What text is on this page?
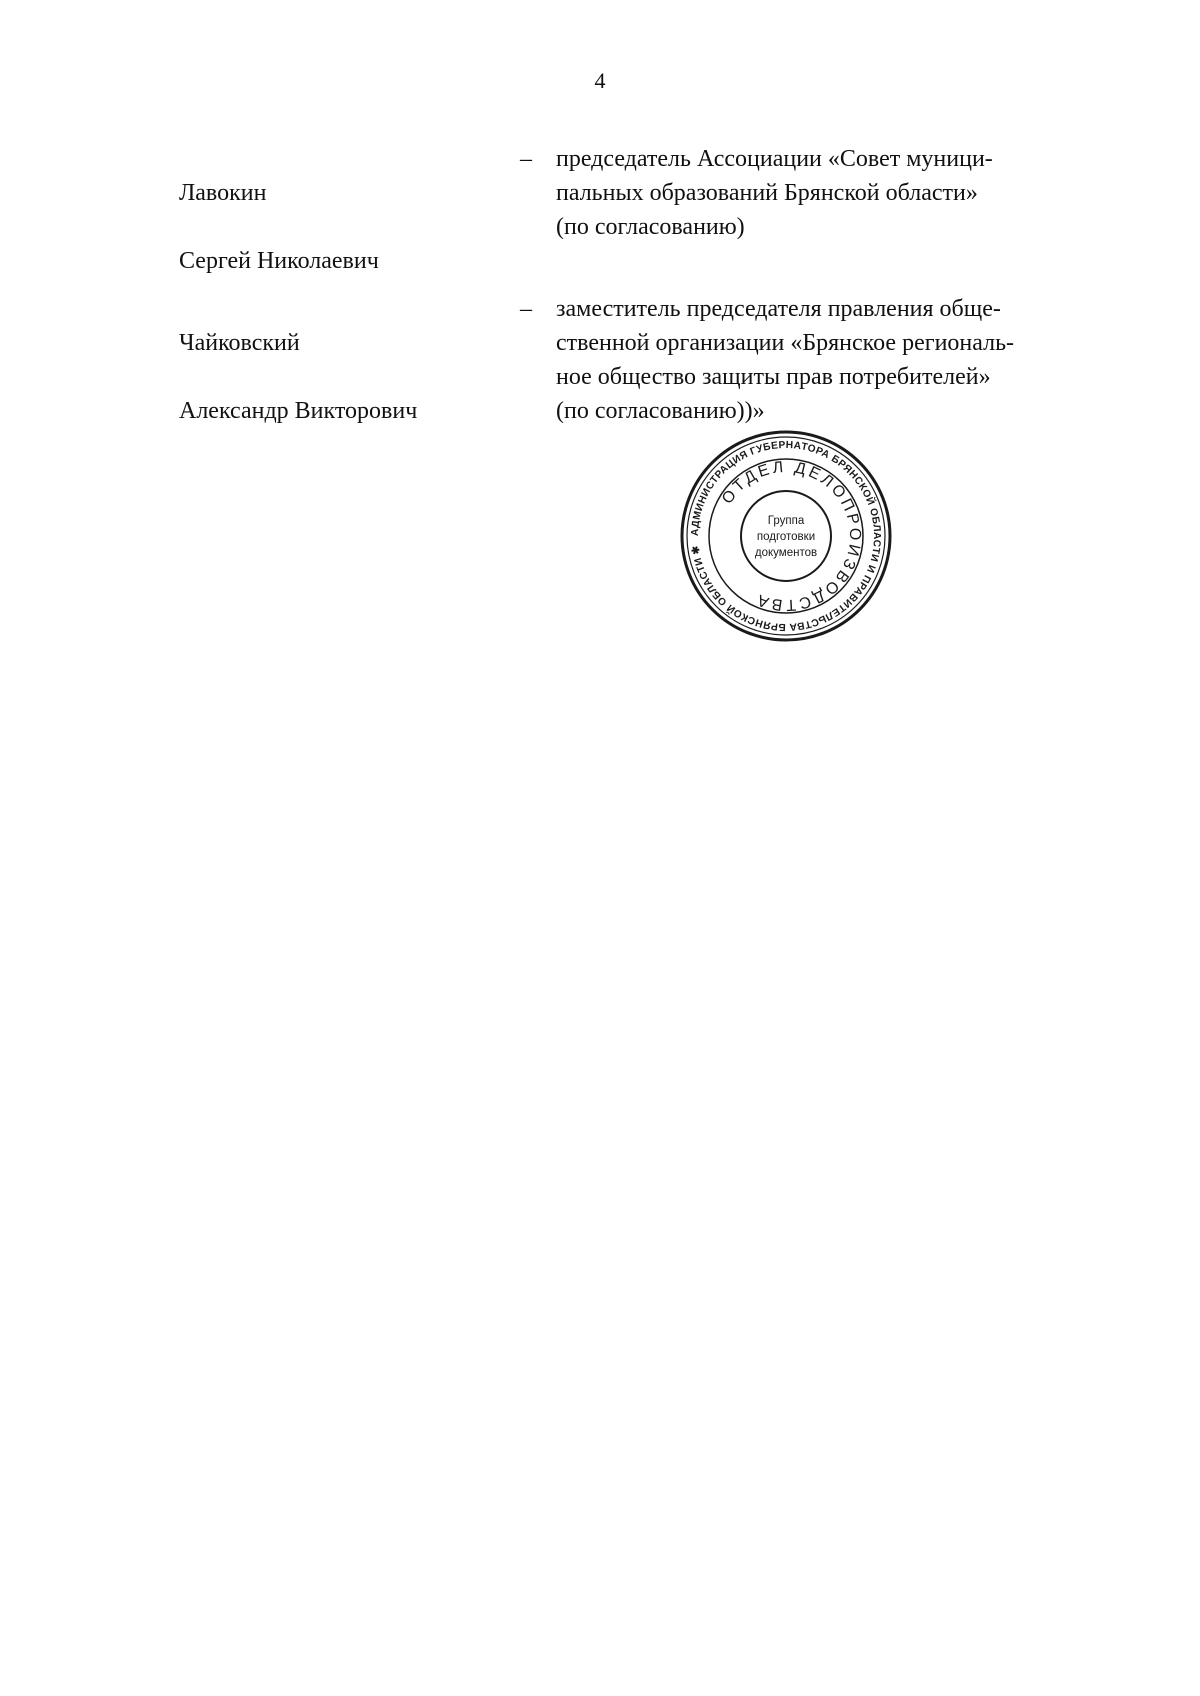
4

Лавокин

Сергей Николаевич

– председатель Ассоциации «Совет муници-
пальных образований Брянской области»
(по согласованию)

Чайковский

Александр Викторович

– заместитель председателя правления обще-
ственной организации «Брянское региональ-
ное общество защиты прав потребителей»
(по согласованию))»
АДМИНИСТРАЦИЯ ГУБЕРНАТОРА БРЯНСКОЙ ОБЛАСТИ И ПРАВИТЕЛЬСТВА БРЯНСКОЙ ОБЛАСТИ ✱
ОТДЕЛ ДЕЛОПРОИЗВОДСТВА
Группа
подготовки
документов
